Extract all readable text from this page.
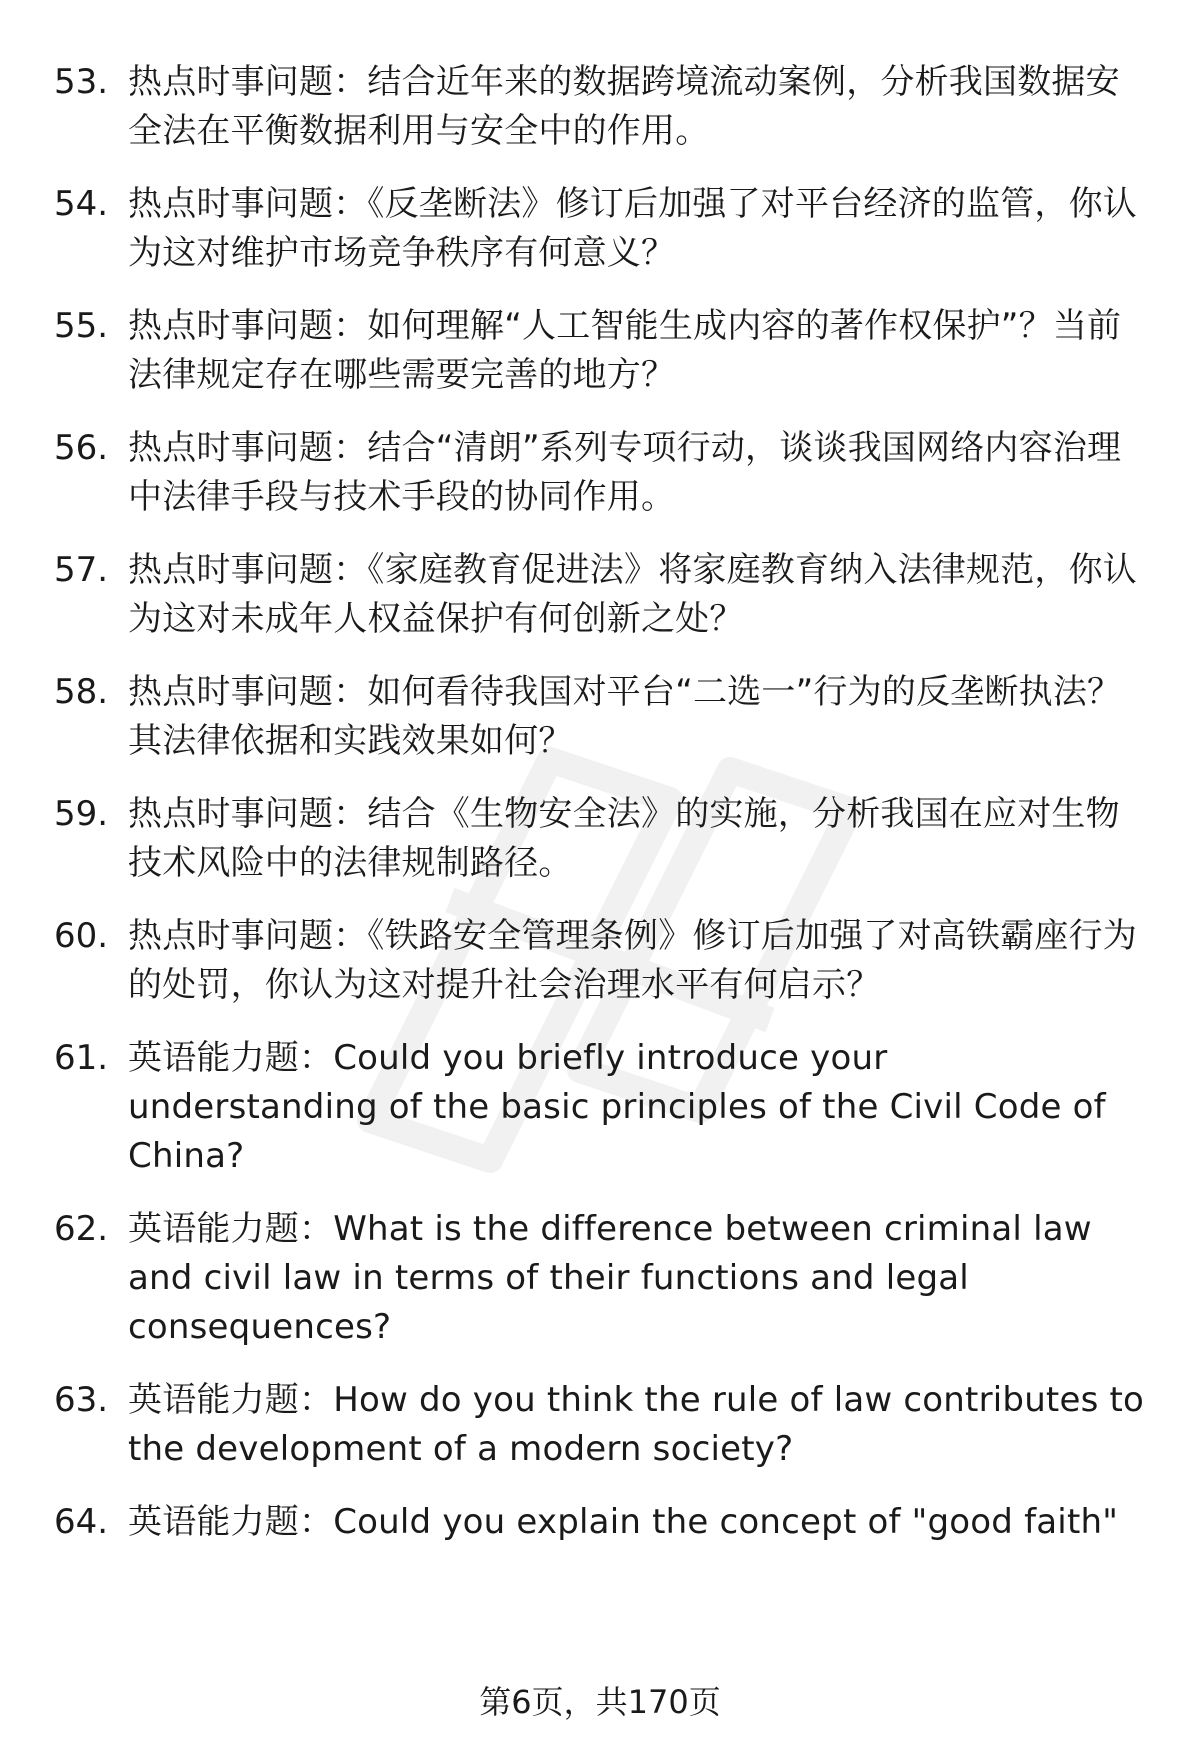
53. 热点时事问题：结合近年来的数据跨境流动案例，分析我国数据安全法在平衡数据利用与安全中的作用。
54. 热点时事问题：《反垄断法》修订后加强了对平台经济的监管，你认为这对维护市场竞争秩序有何意义？
55. 热点时事问题：如何理解“人工智能生成内容的著作权保护”？当前法律规定存在哪些需要完善的地方？
56. 热点时事问题：结合“清朗”系列专项行动，谈谈我国网络内容治理中法律手段与技术手段的协同作用。
57. 热点时事问题：《家庭教育促进法》将家庭教育纳入法律规范，你认为这对未成年人权益保护有何创新之处？
58. 热点时事问题：如何看待我国对平台“二选一”行为的反垄断执法？其法律依据和实践效果如何？
59. 热点时事问题：结合《生物安全法》的实施，分析我国在应对生物技术风险中的法律规制路径。
60. 热点时事问题：《铁路安全管理条例》修订后加强了对高铁霸座行为的处罚，你认为这对提升社会治理水平有何启示？
61. 英语能力题：Could you briefly introduce your understanding of the basic principles of the Civil Code of China?
62. 英语能力题：What is the difference between criminal law and civil law in terms of their functions and legal consequences?
63. 英语能力题：How do you think the rule of law contributes to the development of a modern society?
64. 英语能力题：Could you explain the concept of "good faith"
第6页，共170页
